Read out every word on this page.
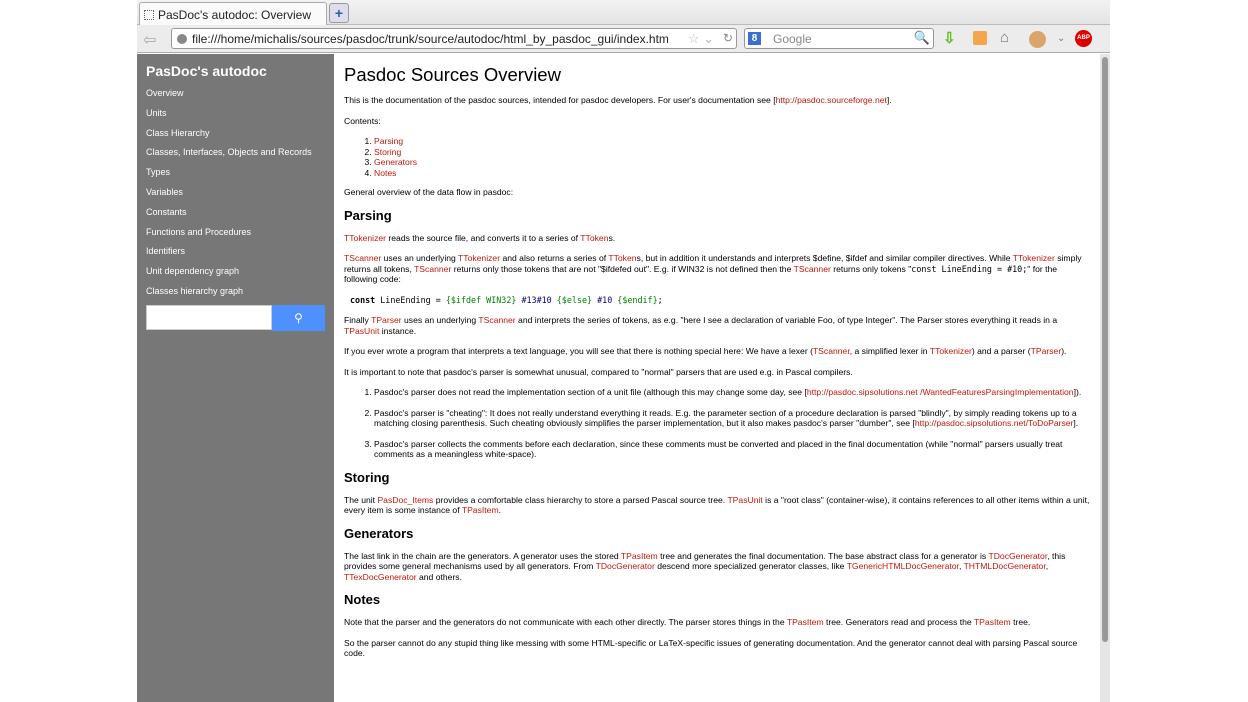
PasDoc's autodoc: Overview	+
⇦	file:///home/michalis/sources/pasdoc/trunk/source/autodoc/html_by_pasdoc_gui/index.htm ☆ ⌄ ↻	8	Google	🔍 ⇩	⌂	⌄	ABP
PasDoc's autodoc
Overview
Units
Class Hierarchy
Classes, Interfaces, Objects and Records
Types
Variables
Constants
Functions and Procedures
Identifiers
Unit dependency graph
Classes hierarchy graph
⚲
Pasdoc Sources Overview

This is the documentation of the pasdoc sources, intended for pasdoc developers. For user's documentation see [http://pasdoc.sourceforge.net].

Contents:

1. Parsing
2. Storing
3. Generators
4. Notes

General overview of the data flow in pasdoc:

Parsing

TTokenizer reads the source file, and converts it to a series of TTokens.

TScanner uses an underlying TTokenizer and also returns a series of TTokens, but in addition it understands and interprets $define, $ifdef and similar compiler directives. While TTokenizer simply returns all tokens, TScanner returns only those tokens that are not "$ifdefed out". E.g. if WIN32 is not defined then the TScanner returns only tokens "const LineEnding = #10;" for the following code:

const LineEnding = {$ifdef WIN32} #13#10 {$else} #10 {$endif};

Finally TParser uses an underlying TScanner and interprets the series of tokens, as e.g. "here I see a declaration of variable Foo, of type Integer". The Parser stores everything it reads in a TPasUnit instance.

If you ever wrote a program that interprets a text language, you will see that there is nothing special here: We have a lexer (TScanner, a simplified lexer in TTokenizer) and a parser (TParser).

It is important to note that pasdoc's parser is somewhat unusual, compared to "normal" parsers that are used e.g. in Pascal compilers.

1. Pasdoc's parser does not read the implementation section of a unit file (although this may change some day, see [http://pasdoc.sipsolutions.net /WantedFeaturesParsingImplementation]).
2. Pasdoc's parser is "cheating": It does not really understand everything it reads. E.g. the parameter section of a procedure declaration is parsed "blindly", by simply reading tokens up to a matching closing parenthesis. Such cheating obviously simplifies the parser implementation, but it also makes pasdoc's parser "dumber", see [http://pasdoc.sipsolutions.net/ToDoParser].
3. Pasdoc's parser collects the comments before each declaration, since these comments must be converted and placed in the final documentation (while "normal" parsers usually treat comments as a meaningless white-space).
Storing

The unit PasDoc_Items provides a comfortable class hierarchy to store a parsed Pascal source tree. TPasUnit is a "root class" (container-wise), it contains references to all other items within a unit, every item is some instance of TPasItem.

Generators

The last link in the chain are the generators. A generator uses the stored TPasItem tree and generates the final documentation. The base abstract class for a generator is TDocGenerator, this provides some general mechanisms used by all generators. From TDocGenerator descend more specialized generator classes, like TGenericHTMLDocGenerator, THTMLDocGenerator, TTexDocGenerator and others.

Notes

Note that the parser and the generators do not communicate with each other directly. The parser stores things in the TPasItem tree. Generators read and process the TPasItem tree.

So the parser cannot do any stupid thing like messing with some HTML-specific or LaTeX-specific issues of generating documentation. And the generator cannot deal with parsing Pascal source code.
